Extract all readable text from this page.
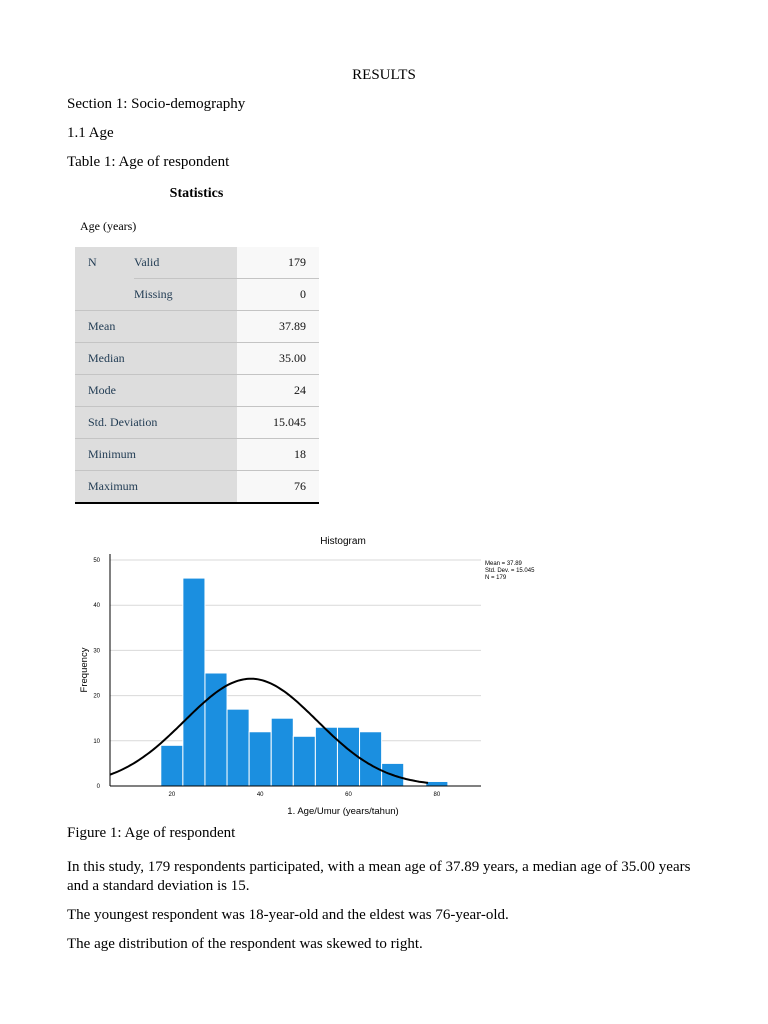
RESULTS
Section 1: Socio-demography
1.1 Age
Table 1: Age of respondent
Statistics
Age (years)
N	Valid	179
	Missing	0
Mean		37.89
Median		35.00
Mode		24
Std. Deviation		15.045
Minimum		18
Maximum		76
0
10
20
30
40
50
20	40	60	80
Histogram
1. Age/Umur (years/tahun)
Frequency
Mean = 37.89
Std. Dev. = 15.045
N = 179
Figure 1: Age of respondent
In this study, 179 respondents participated, with a mean age of 37.89 years, a median age of 35.00 years and a standard deviation is 15.
The youngest respondent was 18-year-old and the eldest was 76-year-old.
The age distribution of the respondent was skewed to right.
